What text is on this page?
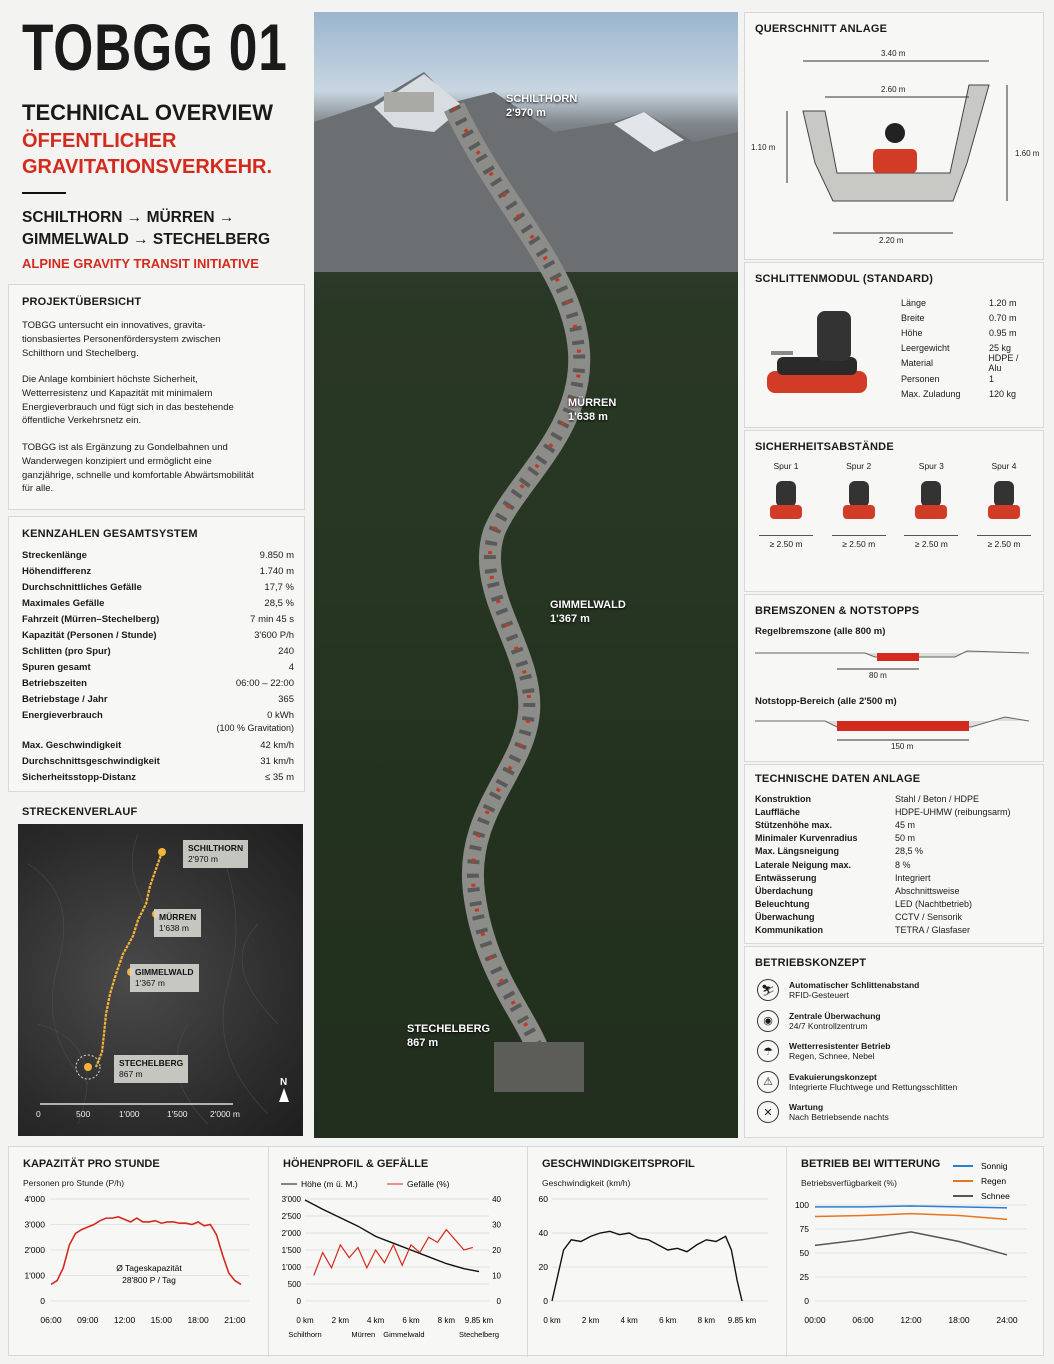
TOBGG 01
TECHNICAL OVERVIEW
ÖFFENTLICHER
GRAVITATIONSVERKEHR.
SCHILTHORN → MÜRREN →
GIMMELWALD → STECHELBERG
ALPINE GRAVITY TRANSIT INITIATIVE
PROJEKTÜBERSICHT
TOBGG untersucht ein innovatives, gravita-tionsbasiertes Personenfördersystem zwischen Schilthorn und Stechelberg.
Die Anlage kombiniert höchste Sicherheit, Wetterresistenz und Kapazität mit minimalem Energieverbrauch und fügt sich in das bestehende öffentliche Verkehrsnetz ein.
TOBGG ist als Ergänzung zu Gondelbahnen und Wanderwegen konzipiert und ermöglicht eine ganzjährige, schnelle und komfortable Abwärtsmobilität für alle.
KENNZAHLEN GESAMTSYSTEM
Streckenlänge	9.850 m
Höhendifferenz	1.740 m
Durchschnittliches Gefälle	17,7 %
Maximales Gefälle	28,5 %
Fahrzeit (Mürren–Stechelberg)	7 min 45 s
Kapazität (Personen / Stunde)	3'600 P/h
Schlitten (pro Spur)	240
Spuren gesamt	4
Betriebszeiten	06:00 – 22:00
Betriebstage / Jahr	365
Energieverbrauch	0 kWh
(100 % Gravitation)
Max. Geschwindigkeit	42 km/h
Durchschnittsgeschwindigkeit	31 km/h
Sicherheitsstopp-Distanz	≤ 35 m
STRECKENVERLAUF
SCHILTHORN
2'970 m
MÜRREN
1'638 m
GIMMELWALD
1'367 m
STECHELBERG
867 m
0	500	1'000	1'500	2'000 m
N
SCHILTHORN
2'970 m
MÜRREN
1'638 m
GIMMELWALD
1'367 m
STECHELBERG
867 m
QUERSCHNITT ANLAGE
3.40 m
2.60 m
1.10 m
1.60 m
2.20 m
SCHLITTENMODUL (STANDARD)
Länge	1.20 m
Breite	0.70 m
Höhe	0.95 m
Leergewicht	25 kg
Material	HDPE / Alu
Personen	1
Max. Zuladung	120 kg
SICHERHEITSABSTÄNDE
Spur 1
≥ 2.50 m
Spur 2
≥ 2.50 m
Spur 3
≥ 2.50 m
Spur 4
≥ 2.50 m
BREMSZONEN & NOTSTOPPS
Regelbremszone (alle 800 m)
80 m
Notstopp-Bereich (alle 2'500 m)
150 m
TECHNISCHE DATEN ANLAGE
Konstruktion	Stahl / Beton / HDPE
Lauffläche	HDPE-UHMW (reibungsarm)
Stützenhöhe max.	45 m
Minimaler Kurvenradius	50 m
Max. Längsneigung	28,5 %
Laterale Neigung max.	8 %
Entwässerung	Integriert
Überdachung	Abschnittsweise
Beleuchtung	LED (Nachtbetrieb)
Überwachung	CCTV / Sensorik
Kommunikation	TETRA / Glasfaser
BETRIEBSKONZEPT
⛷	Automatischer Schlittenabstand
RFID-Gesteuert
◉	Zentrale Überwachung
24/7 Kontrollzentrum
☂	Wetterresistenter Betrieb
Regen, Schnee, Nebel
⚠	Evakuierungskonzept
Integrierte Fluchtwege und Rettungsschlitten
✕	Wartung
Nach Betriebsende nachts
KAPAZITÄT PRO STUNDE
0
1'000
2'000
3'000
4'000
06:00 09:00 12:00 15:00 18:00 21:00
Ø Tageskapazität
28'800 P / Tag
Personen pro Stunde (P/h)
HÖHENPROFIL & GEFÄLLE
Höhe (m ü. M.)	Gefälle (%)
0
500
1'000
1'500
2'000
2'500
3'000
0
10
20
30
40
0 km 2 km 4 km 6 km 8 km 9.85 km
Schilthorn	Mürren Gimmelwald	Stechelberg
GESCHWINDIGKEITSPROFIL
0
20
40
60
0 km	2 km	4 km	6 km	8 km 9.85 km
Geschwindigkeit (km/h)
BETRIEB BEI WITTERUNG	Sonnig
Regen
Schnee
0
25
50
75
100
00:00	06:00	12:00	18:00	24:00
Betriebsverfügbarkeit (%)
